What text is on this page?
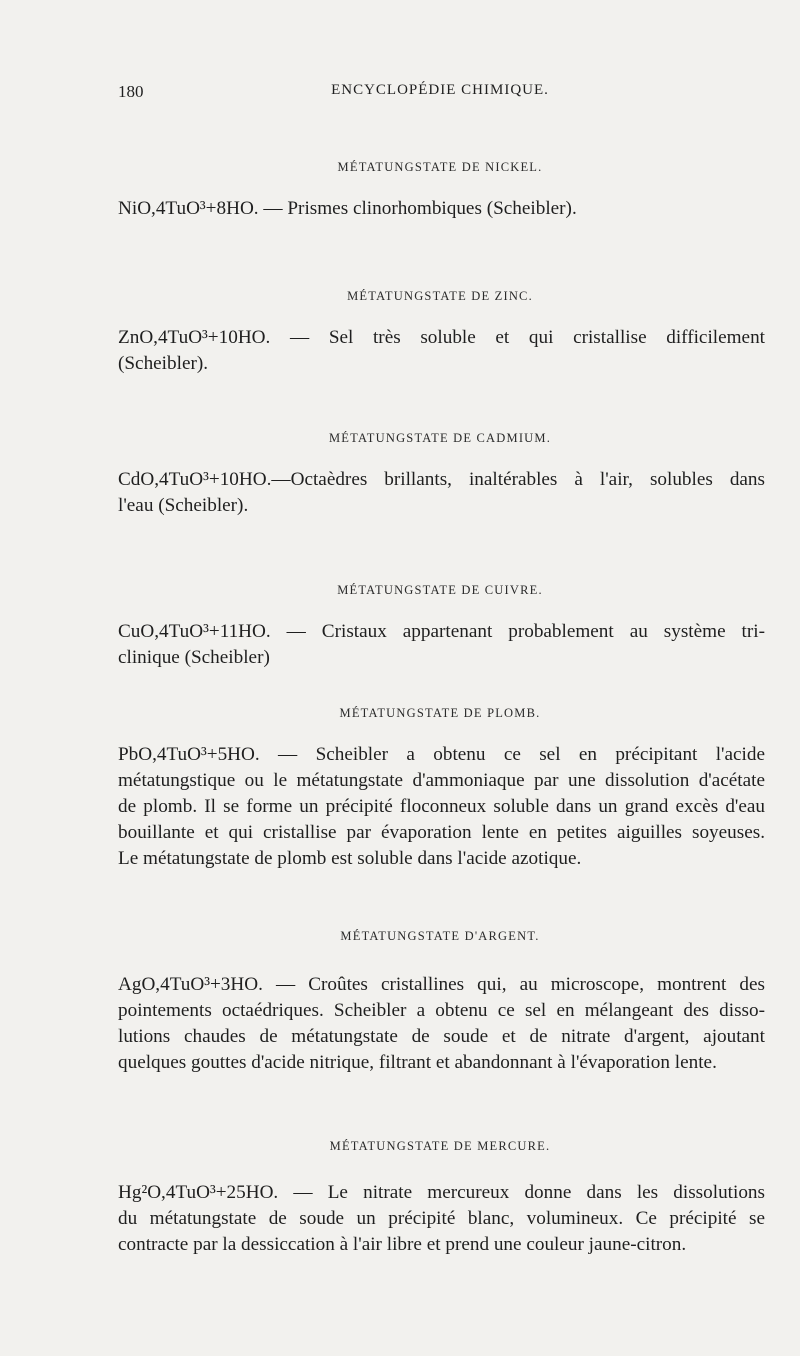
180	ENCYCLOPÉDIE CHIMIQUE.
MÉTATUNGSTATE DE NICKEL.
NiO,4TuO³+8HO. — Prismes clinorhombiques (Scheibler).
MÉTATUNGSTATE DE ZINC.
ZnO,4TuO³+10HO. — Sel très soluble et qui cristallise difficilement
(Scheibler).
MÉTATUNGSTATE DE CADMIUM.
CdO,4TuO³+10HO.—Octaèdres brillants, inaltérables à l'air, solubles dans
l'eau (Scheibler).
MÉTATUNGSTATE DE CUIVRE.
CuO,4TuO³+11HO. — Cristaux appartenant probablement au système tri-
clinique (Scheibler)
MÉTATUNGSTATE DE PLOMB.
PbO,4TuO³+5HO. — Scheibler a obtenu ce sel en précipitant l'acide
métatungstique ou le métatungstate d'ammoniaque par une dissolution d'acétate
de plomb. Il se forme un précipité floconneux soluble dans un grand excès d'eau
bouillante et qui cristallise par évaporation lente en petites aiguilles soyeuses.
Le métatungstate de plomb est soluble dans l'acide azotique.
MÉTATUNGSTATE D'ARGENT.
AgO,4TuO³+3HO. — Croûtes cristallines qui, au microscope, montrent des
pointements octaédriques. Scheibler a obtenu ce sel en mélangeant des disso-
lutions chaudes de métatungstate de soude et de nitrate d'argent, ajoutant
quelques gouttes d'acide nitrique, filtrant et abandonnant à l'évaporation lente.
MÉTATUNGSTATE DE MERCURE.
Hg²O,4TuO³+25HO. — Le nitrate mercureux donne dans les dissolutions
du métatungstate de soude un précipité blanc, volumineux. Ce précipité se
contracte par la dessiccation à l'air libre et prend une couleur jaune-citron.
